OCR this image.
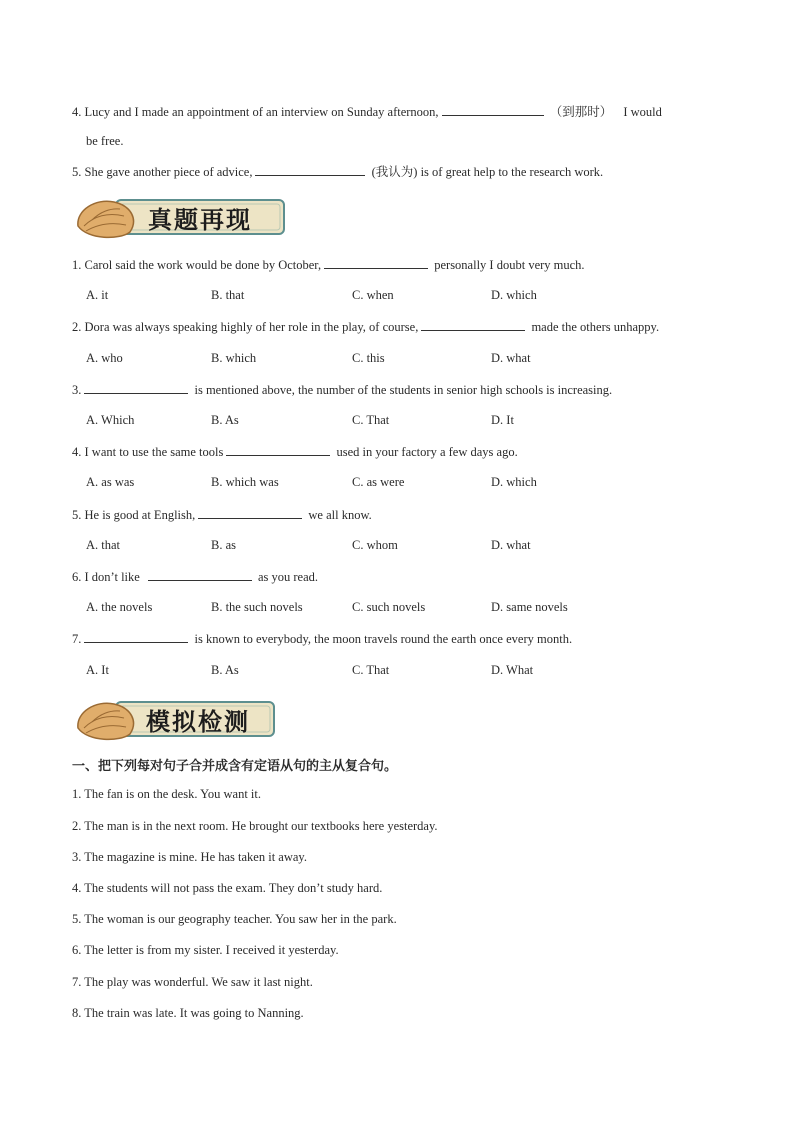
4. Lucy and I made an appointment of an interview on Sunday afternoon,	（到那时） I would
be free.
5. She gave another piece of advice,	(我认为) is of great help to the research work.
真题再现
1. Carol said the work would be done by October,	personally I doubt very much.
A. it	B. that	C. when	D. which
2. Dora was always speaking highly of her role in the play, of course,	made the others unhappy.
A. who	B. which	C. this	D. what
3.	is mentioned above, the number of the students in senior high schools is increasing.
A. Which	B. As	C. That	D. It
4. I want to use the same tools	used in your factory a few days ago.
A. as was	B. which was	C. as were	D. which
5. He is good at English,	we all know.
A. that	B. as	C. whom	D. what
6. I don’t like	as you read.
A. the novels	B. the such novels	C. such novels	D. same novels
7.	is known to everybody, the moon travels round the earth once every month.
A. It	B. As	C. That	D. What
模拟检测
一、把下列每对句子合并成含有定语从句的主从复合句。
1. The fan is on the desk. You want it.
2. The man is in the next room. He brought our textbooks here yesterday.
3. The magazine is mine. He has taken it away.
4. The students will not pass the exam. They don’t study hard.
5. The woman is our geography teacher. You saw her in the park.
6. The letter is from my sister. I received it yesterday.
7. The play was wonderful. We saw it last night.
8. The train was late. It was going to Nanning.
